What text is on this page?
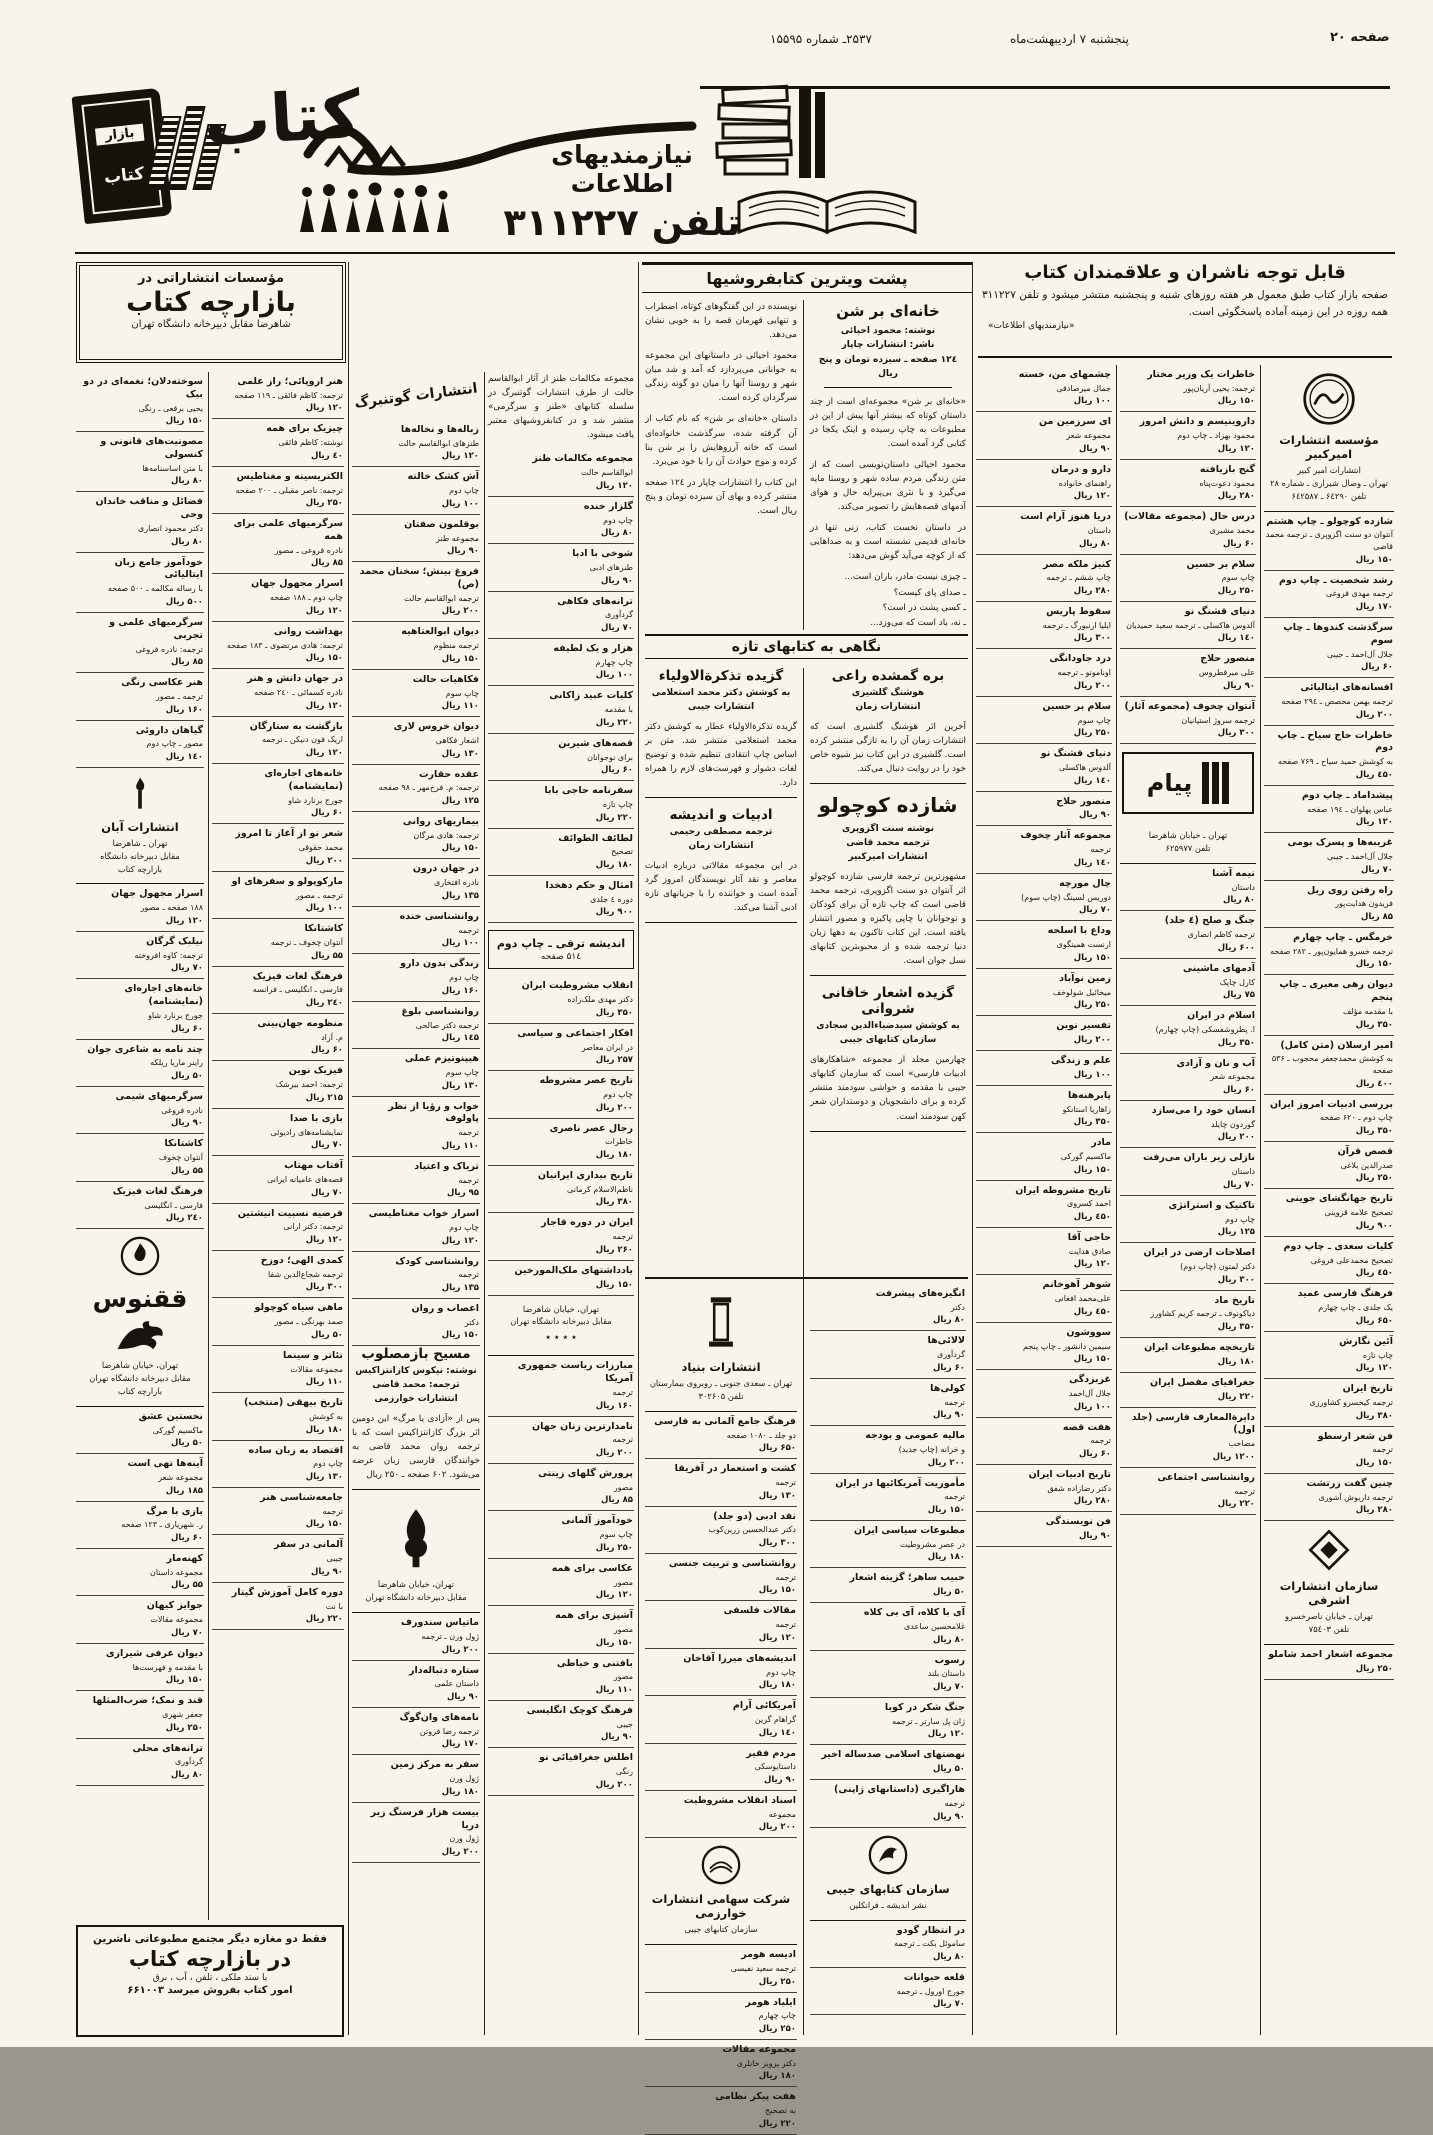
صفحه ۲۰
پنجشنبه ۷ اردیبهشت‌ماه
۲۵۳۷ـ شماره ۱۵۵۹۵
بازار
کتاب
کتاب	نیازمندیهای اطلاعات
تلفن ۳۱۱۲۲۷
قابل توجه ناشران و علاقمندان کتاب
صفحه بازار کتاب طبق معمول هر هفته روزهای شنبه و پنجشنبه منتشر میشود و تلفن ۳۱۱۲۲۷ همه روزه در این زمینه آماده پاسخگوئی است.
«نیازمندیهای اطلاعات»
پشت ویترین کتابفروشیها
مؤسسات انتشاراتی در
بازارچه کتاب
شاهرضا مقابل دبیرخانه دانشگاه تهران
خانه‌ای بر شن
نوشته: محمود احیائی
ناشر: انتشارات چاپار
۱۲٤ صفحه ـ سیزده تومان و پنج ریال
«خانه‌ای بر شن» مجموعه‌ای است از چند داستان کوتاه که بیشتر آنها پیش از این در مطبوعات به چاپ رسیده و اینک یکجا در کتابی گرد آمده است.
محمود احیائی داستان‌نویسی است که از متن زندگی مردم ساده شهر و روستا مایه می‌گیرد و با نثری بی‌پیرایه حال و هوای آدمهای قصه‌هایش را تصویر می‌کند.
در داستان نخست کتاب، زنی تنها در خانه‌ای قدیمی نشسته است و به صداهایی که از کوچه می‌آید گوش می‌دهد:
ـ چیزی نیست مادر، باران است...
ـ صدای پای کیست؟
ـ کسی پشت در است؟
ـ نه، باد است که می‌وزد...
نویسنده در این گفتگوهای کوتاه، اضطراب و تنهایی قهرمان قصه را به خوبی نشان می‌دهد.
محمود احیائی در داستانهای این مجموعه به جوانانی می‌پردازد که آمد و شد میان شهر و روستا آنها را میان دو گونه زندگی سرگردان کرده است.
داستان «خانه‌ای بر شن» که نام کتاب از آن گرفته شده، سرگذشت خانواده‌ای است که خانه آرزوهایش را بر شن بنا کرده و موج حوادث آن را با خود می‌برد.
این کتاب را انتشارات چاپار در ۱۲٤ صفحه منتشر کرده و بهای آن سیزده تومان و پنج ریال است.
نگاهی به کتابهای تازه
بره گمشده راعی
هوشنگ گلشیری
انتشارات زمان
آخرین اثر هوشنگ گلشیری است که انتشارات زمان آن را به تازگی منتشر کرده است. گلشیری در این کتاب نیز شیوه خاص خود را در روایت دنبال می‌کند.
شازده کوچولو
نوشته سنت اگزوپری
ترجمه محمد قاضی
انتشارات امیرکبیر
مشهورترین ترجمه فارسی شازده کوچولو اثر آنتوان دو سنت اگزوپری، ترجمه محمد قاضی است که چاپ تازه آن برای کودکان و نوجوانان با چاپی پاکیزه و مصور انتشار یافته است. این کتاب تاکنون به دهها زبان دنیا ترجمه شده و از محبوبترین کتابهای نسل جوان است.
گزیده اشعار خاقانی شروانی
به کوشش سیدضیاءالدین سجادی
سازمان کتابهای جیبی
چهارمین مجلد از مجموعه «شاهکارهای ادبیات فارسی» است که سازمان کتابهای جیبی با مقدمه و حواشی سودمند منتشر کرده و برای دانشجویان و دوستداران شعر کهن سودمند است.
گزیده تذکرةالاولیاء
به کوشش دکتر محمد استعلامی
انتشارات جیبی
گزیده تذکرةالاولیاء عطار به کوشش دکتر محمد استعلامی منتشر شد. متن بر اساس چاپ انتقادی تنظیم شده و توضیح لغات دشوار و فهرست‌های لازم را همراه دارد.
ادبیات و اندیشه
ترجمه مصطفی رحیمی
انتشارات زمان
در این مجموعه مقالاتی درباره ادبیات معاصر و نقد آثار نویسندگان امروز گرد آمده است و خواننده را با جریانهای تازه ادبی آشنا می‌کند.
انتشارات بنیاد
تهران ـ سعدی جنوبی ـ روبروی بیمارستان
تلفن ۳۰۲۶۰۵
فرهنگ جامع آلمانی به فارسی
دو جلد ـ ۱۰۸۰ صفحه
۶۵۰ ریال
کشت و استعمار در آفریقا
ترجمه
۱۳۰ ریال
نقد ادبی (دو جلد)
دکتر عبدالحسین زرین‌کوب
۳۰۰ ریال
روانشناسی و تربیت جنسی
ترجمه
۱۵۰ ریال
مقالات فلسفی
ترجمه
۱۲۰ ریال
اندیشه‌های میرزا آقاخان
چاپ دوم
۱۸۰ ریال
آمریکائی آرام
گراهام گرین
۱٤۰ ریال
مردم فقیر
داستایوسکی
۹۰ ریال
اسناد انقلاب مشروطیت
مجموعه
۲۰۰ ریال
شرکت سهامی انتشارات خوارزمی
سازمان کتابهای جیبی
ادیسه هومر
ترجمه سعید نفیسی
۲۵۰ ریال
ایلیاد هومر
چاپ چهارم
۲۵۰ ریال
مجموعه مقالات
دکتر پرویز خانلری
۱۸۰ ریال
هفت پیکر نظامی
به تصحیح
۲۲۰ ریال
انگیزه‌های پیشرفت
دکتر
۸۰ ریال
لالائی‌ها
گردآوری
۶۰ ریال
کولی‌ها
ترجمه
۹۰ ریال
مالیه عمومی و بودجه
و خزانه (چاپ جدید)
۲۰۰ ریال
مأموریت آمریکائیها در ایران
ترجمه
۱۵۰ ریال
مطبوعات سیاسی ایران
در عصر مشروطیت
۱۸۰ ریال
حبیب ساهر؛ گزینه اشعار
۵۰ ریال
آی با کلاه، آی بی کلاه
غلامحسین ساعدی
۸۰ ریال
رسوب
داستان بلند
۷۰ ریال
جنگ شکر در کوبا
ژان پل سارتر ـ ترجمه
۱۲۰ ریال
نهضتهای اسلامی صدساله اخیر
۵۰ ریال
هاراگیری (داستانهای ژاپنی)
ترجمه
۹۰ ریال
سازمان کتابهای جیبی
نشر اندیشه ـ فرانکلین
در انتظار گودو
ساموئل بکت ـ ترجمه
۸۰ ریال
قلعه حیوانات
جورج اورول ـ ترجمه
۷۰ ریال
سوخته‌دلان؛ نغمه‌ای در دو بیک
یحیی برقعی ـ رنگی
۱۵۰ ریال
مصونیت‌های قانونی و کنسولی
با متن اساسنامه‌ها
۸۰ ریال
فضائل و مناقب خاندان وحی
دکتر محمود انصاری
۸۰ ریال
خودآموز جامع زبان ایتالیائی
با رساله مکالمه ـ ۵۰۰ صفحه
۵۰۰ ریال
سرگرمیهای علمی و تجربی
ترجمه: نادره فروغی
۸۵ ریال
هنر عکاسی رنگی
ترجمه ـ مصور
۱۶۰ ریال
گیاهان داروئی
مصور ـ چاپ دوم
۱٤۰ ریال
انتشارات آبان
تهران ـ شاهرضا
مقابل دبیرخانه دانشگاه
بازارچه کتاب
اسرار مجهول جهان
۱۸۸ صفحه ـ مصور
۱۲۰ ریال
نیلبک گرگان
ترجمه: کاوه افروخته
۷۰ ریال
خانه‌های اجاره‌ای (نمایشنامه)
جورج برنارد شاو
۶۰ ریال
چند نامه به شاعری جوان
راینر ماریا ریلکه
۵۰ ریال
سرگرمیهای شیمی
نادره فروغی
۹۰ ریال
کاشتانکا
آنتوان چخوف
۵۵ ریال
فرهنگ لغات فیزیک
فارسی ـ انگلیسی
۲٤۰ ریال
ققنوس
تهران، خیابان شاهرضا
مقابل دبیرخانه دانشگاه تهران
بازارچه کتاب
نخستین عشق
ماکسیم گورکی
۵۰ ریال
آینه‌ها تهی است
مجموعه شعر
۱۸۵ ریال
بازی با مرگ
ر. شهریاری ـ ۱۲۳ صفحه
۶۰ ریال
کهنه‌مار
مجموعه داستان
۵۵ ریال
جوایز کیهان
مجموعه مقالات
۷۰ ریال
دیوان عرفی شیرازی
با مقدمه و فهرست‌ها
۱۵۰ ریال
قند و نمک؛ ضرب‌المثلها
جعفر شهری
۲۵۰ ریال
ترانه‌های محلی
گردآوری
۸۰ ریال
فقط دو مغازه دیگر مجتمع مطبوعاتی ناشرین
در بازارچه کتاب
با سند ملکی ، تلفن ، آب ، برق
امور کتاب بفروش میرسد ۶۶۱۰۰۳
هنر اروپائی؛ راز علمی
ترجمه: کاظم فائقی ـ ۱۱۹ صفحه
۱۲۰ ریال
چیزیک برای همه
نوشته: کاظم فائقی
٤۰ ریال
الکتریسیته و مغناطیس
ترجمه: ناصر مقبلی ـ ۲۰۰ صفحه
۲۵۰ ریال
سرگرمیهای علمی برای همه
نادره فروغی ـ مصور
۸۵ ریال
اسرار مجهول جهان
چاپ دوم ـ ۱۸۸ صفحه
۱۲۰ ریال
بهداشت روانی
ترجمه: هادی مرتضوی ـ ۱۸۳ صفحه
۱۵۰ ریال
در جهان دانش و هنر
نادره کسمائی ـ ۲٤۰ صفحه
۱۲۰ ریال
بازگشت به ستارگان
اریک فون دنیکن ـ ترجمه
۱۲۰ ریال
خانه‌های اجاره‌ای (نمایشنامه)
جورج برنارد شاو
۶۰ ریال
شعر نو از آغاز تا امروز
محمد حقوقی
۲۰۰ ریال
مارکوپولو و سفرهای او
ترجمه ـ مصور
۱۰۰ ریال
کاشتانکا
آنتوان چخوف ـ ترجمه
۵۵ ریال
فرهنگ لغات فیزیک
فارسی ـ انگلیسی ـ فرانسه
۲٤۰ ریال
منظومه جهان‌بینی
م. آزاد
۶۰ ریال
فیزیک نوین
ترجمه: احمد بیرشک
۲۱۵ ریال
بازی با صدا
نمایشنامه‌های رادیوئی
۷۰ ریال
آفتاب مهتاب
قصه‌های عامیانه ایرانی
۷۰ ریال
فرضیه نسبیت انیشتین
ترجمه: دکتر ارانی
۱۲۰ ریال
کمدی الهی؛ دوزخ
ترجمه شجاع‌الدین شفا
۳۰۰ ریال
ماهی سیاه کوچولو
صمد بهرنگی ـ مصور
۵۰ ریال
تئاتر و سینما
مجموعه مقالات
۱۱۰ ریال
تاریخ بیهقی (منتخب)
به کوشش
۱۸۰ ریال
اقتصاد به زبان ساده
چاپ دوم
۱۳۰ ریال
جامعه‌شناسی هنر
ترجمه
۱۵۰ ریال
آلمانی در سفر
جیبی
۹۰ ریال
دوره کامل آموزش گیتار
با نت
۲۲۰ ریال
انتشارات گوتنبرگ
زباله‌ها و نخاله‌ها
طنزهای ابوالقاسم حالت
۱۲۰ ریال
آش کشک خالته
چاپ دوم
۱۰۰ ریال
بوقلمون صفتان
مجموعه طنز
۹۰ ریال
فروغ بینش؛ سخنان محمد (ص)
ترجمه ابوالقاسم حالت
۲۰۰ ریال
دیوان ابوالعتاهیه
ترجمه منظوم
۱۵۰ ریال
فکاهیات حالت
چاپ سوم
۱۱۰ ریال
دیوان خروس لاری
اشعار فکاهی
۱۳۰ ریال
عقده حقارت
ترجمه: م. فرخ‌مهر ـ ۹۸ صفحه
۱۲۵ ریال
بیماریهای روانی
ترجمه: هادی مرگان
۱۵۰ ریال
در جهان درون
نادره افتخاری
۱۳۵ ریال
روانشناسی خنده
ترجمه
۱۰۰ ریال
زندگی بدون دارو
چاپ دوم
۱۶۰ ریال
روانشناسی بلوغ
ترجمه دکتر صالحی
۱٤۵ ریال
هیپنوتیزم عملی
چاپ سوم
۱۳۰ ریال
خواب و رؤیا از نظر پاولوف
ترجمه
۱۱۰ ریال
تریاک و اعتیاد
ترجمه
۹۵ ریال
اسرار خواب مغناطیسی
چاپ دوم
۱۲۰ ریال
روانشناسی کودک
ترجمه
۱۳۵ ریال
اعصاب و روان
دکتر
۱۵۰ ریال
مسیح بازمصلوب
نوشته: نیکوس کازانتزاکیس
ترجمه: محمد قاضی
انتشارات خوارزمی
پس از «آزادی یا مرگ» این دومین اثر بزرگ کازانتزاکیس است که با ترجمه روان محمد قاضی به خوانندگان فارسی زبان عرضه می‌شود. ۶۰۲ صفحه ـ ۲۵۰ ریال
تهران، خیابان شاهرضا
مقابل دبیرخانه دانشگاه تهران
ماتیاس سندورف
ژول ورن ـ ترجمه
۲۰۰ ریال
ستاره دنباله‌دار
داستان علمی
۹۰ ریال
نامه‌های وان‌گوگ
ترجمه رضا فروتن
۱۷۰ ریال
سفر به مرکز زمین
ژول ورن
۱۸۰ ریال
بیست هزار فرسنگ زیر دریا
ژول ورن
۲۰۰ ریال
مجموعه مکالمات طنز از آثار ابوالقاسم حالت از طرف انتشارات گوتنبرگ در سلسله کتابهای «طنز و سرگرمی» منتشر شد و در کتابفروشیهای معتبر یافت میشود.
مجموعه مکالمات طنز
ابوالقاسم حالت
۱۲۰ ریال
گلزار خنده
چاپ دوم
۸۰ ریال
شوخی با ادبا
طنزهای ادبی
۹۰ ریال
ترانه‌های فکاهی
گردآوری
۷۰ ریال
هزار و یک لطیفه
چاپ چهارم
۱۰۰ ریال
کلیات عبید زاکانی
با مقدمه
۲۲۰ ریال
قصه‌های شیرین
برای نوجوانان
۶۰ ریال
سفرنامه حاجی بابا
چاپ تازه
۲۲۰ ریال
لطائف الطوائف
تصحیح
۱۸۰ ریال
امثال و حکم دهخدا
دوره ٤ جلدی
۹۰۰ ریال
اندیشه ترقی ـ چاپ دوم
۵۱٤ صفحه
انقلاب مشروطیت ایران
دکتر مهدی ملک‌زاده
۳۵۰ ریال
افکار اجتماعی و سیاسی
در ایران معاصر
۲۵۷ ریال
تاریخ عصر مشروطه
چاپ دوم
۲۰۰ ریال
رجال عصر ناصری
خاطرات
۱۸۰ ریال
تاریخ بیداری ایرانیان
ناظم‌الاسلام کرمانی
۳۸۰ ریال
ایران در دوره قاجار
ترجمه
۲۶۰ ریال
یادداشتهای ملک‌المورخین
۱۵۰ ریال
تهران، خیابان شاهرضا
مقابل دبیرخانه دانشگاه تهران
٭ ٭ ٭ ٭
مبارزات ریاست جمهوری آمریکا
ترجمه
۱۶۰ ریال
نامدارترین زنان جهان
ترجمه
۲۰۰ ریال
پرورش گلهای زینتی
مصور
۸۵ ریال
خودآموز آلمانی
چاپ سوم
۲۵۰ ریال
عکاسی برای همه
مصور
۱۲۰ ریال
آشپزی برای همه
مصور
۱۵۰ ریال
بافتنی و خیاطی
مصور
۱۱۰ ریال
فرهنگ کوچک انگلیسی
جیبی
۹۰ ریال
اطلس جغرافیائی نو
رنگی
۲۰۰ ریال
چشمهای من، خسته
جمال میرصادقی
۱۰۰ ریال
ای سرزمین من
مجموعه شعر
۹۰ ریال
دارو و درمان
راهنمای خانواده
۱۲۰ ریال
دریا هنوز آرام است
داستان
۸۰ ریال
کنیز ملکه مصر
چاپ ششم ـ ترجمه
۲۸۰ ریال
سقوط پاریس
ایلیا ارنبورگ ـ ترجمه
۳۰۰ ریال
درد جاودانگی
اونامونو ـ ترجمه
۲۰۰ ریال
سلام بر حسین
چاپ سوم
۲۵۰ ریال
دنیای قشنگ نو
آلدوس هاکسلی
۱٤۰ ریال
منصور حلاج
۹۰ ریال
مجموعه آثار چخوف
ترجمه
۱٤۰ ریال
چال مورچه
دوریس لسینگ (چاپ سوم)
۷۰ ریال
وداع با اسلحه
ارنست همینگوی
۱۵۰ ریال
زمین نوآباد
میخائیل شولوخف
۲۵۰ ریال
تفسیر نوین
۲۰۰ ریال
علم و زندگی
۱۰۰ ریال
پابرهنه‌ها
زاهاریا استانکو
۳۵۰ ریال
مادر
ماکسیم گورکی
۱۵۰ ریال
تاریخ مشروطه ایران
احمد کسروی
٤۵۰ ریال
حاجی آقا
صادق هدایت
۱۲۰ ریال
شوهر آهوخانم
علی‌محمد افغانی
٤۵۰ ریال
سووشون
سیمین دانشور ـ چاپ پنجم
۱۵۰ ریال
غربزدگی
جلال آل‌احمد
۱۰۰ ریال
هفت قصه
ترجمه
۶۰ ریال
تاریخ ادبیات ایران
دکتر رضازاده شفق
۲۸۰ ریال
فن نویسندگی
۹۰ ریال
خاطرات یک وزیر مختار
ترجمه: یحیی آریان‌پور
۱۵۰ ریال
داروینیسم و دانش امروز
محمود بهزاد ـ چاپ دوم
۱۲۰ ریال
گنج بازیافته
محمود دعوت‌پناه
۲۸۰ ریال
درس حال (مجموعه مقالات)
محمد مشیری
۶۰ ریال
سلام بر حسین
چاپ سوم
۲۵۰ ریال
دنیای قشنگ نو
آلدوس هاکسلی ـ ترجمه سعید حمیدیان
۱٤۰ ریال
منصور حلاج
علی میرفطروس
۹۰ ریال
آنتوان چخوف (مجموعه آثار)
ترجمه سروژ استپانیان
۳۰۰ ریال
پیام
تهران ـ خیابان شاهرضا
تلفن ۶۲۵۹۷۷
نیمه آشنا
داستان
۸۰ ریال
جنگ و صلح (٤ جلد)
ترجمه کاظم انصاری
۶۰۰ ریال
آدمهای ماشینی
کارل چاپک
۷۵ ریال
اسلام در ایران
ا. پطروشفسکی (چاپ چهارم)
۳۵۰ ریال
آب و نان و آزادی
مجموعه شعر
۶۰ ریال
انسان خود را می‌سازد
گوردون چایلد
۲۰۰ ریال
نازلی زیر باران می‌رفت
داستان
۷۰ ریال
تاکتیک و استراتژی
چاپ دوم
۱۲۵ ریال
اصلاحات ارضی در ایران
دکتر لمتون (چاپ دوم)
۳۰۰ ریال
تاریخ ماد
دیاکونوف ـ ترجمه کریم کشاورز
۳۵۰ ریال
تاریخچه مطبوعات ایران
۱۸۰ ریال
جغرافیای مفصل ایران
۲۲۰ ریال
دایرةالمعارف فارسی (جلد اول)
مصاحب
۱۲۰۰ ریال
روانشناسی اجتماعی
ترجمه
۲۲۰ ریال
مؤسسه انتشارات امیرکبیر
انتشارات امیر کبیر
تهران ـ وصال شیرازی ـ شماره ۲۸
تلفن ۶٤۲۹۰ ـ ۶٤۲۵۸۷
شازده کوچولو ـ چاپ هشتم
آنتوان دو سنت اگزوپری ـ ترجمه محمد قاضی
۱۵۰ ریال
رشد شخصیت ـ چاپ دوم
ترجمه مهدی فروغی
۱۷۰ ریال
سرگذشت کندوها ـ چاپ سوم
جلال آل‌احمد ـ جیبی
۶۰ ریال
افسانه‌های ایتالیائی
ترجمه بهمن محصص ـ ۲۹٤ صفحه
۲۰۰ ریال
خاطرات حاج سیاح ـ چاپ دوم
به کوشش حمید سیاح ـ ۷۶۹ صفحه
٤۵۰ ریال
پیشداماد ـ چاپ دوم
عباس پهلوان ـ ۱۹٤ صفحه
۱۲۰ ریال
غریبه‌ها و پسرک بومی
جلال آل‌احمد ـ جیبی
۷۰ ریال
راه رفتن روی ریل
فریدون هدایت‌پور
۸۵ ریال
خرمگس ـ چاپ چهارم
ترجمه خسرو همایون‌پور ـ ۲۸۲ صفحه
۱۵۰ ریال
دیوان رهی معیری ـ چاپ پنجم
با مقدمه مؤلف
۳۵۰ ریال
امیر ارسلان (متن کامل)
به کوشش محمدجعفر محجوب ـ ۵۳۶ صفحه
٤۰۰ ریال
بررسی ادبیات امروز ایران
چاپ دوم ـ ۶۲۰ صفحه
۳۵۰ ریال
قصص قرآن
صدرالدین بلاغی
۲۵۰ ریال
تاریخ جهانگشای جوینی
تصحیح علامه قزوینی
۹۰۰ ریال
کلیات سعدی ـ چاپ دوم
تصحیح محمدعلی فروغی
٤۵۰ ریال
فرهنگ فارسی عمید
یک جلدی ـ چاپ چهارم
۶۵۰ ریال
آئین نگارش
چاپ تازه
۱۲۰ ریال
تاریخ ایران
ترجمه کیخسرو کشاورزی
۳۸۰ ریال
فن شعر ارسطو
ترجمه
۱۵۰ ریال
چنین گفت زرتشت
ترجمه داریوش آشوری
۲۸۰ ریال
سازمان انتشارات اشرفی
تهران ـ خیابان ناصرخسرو
تلفن ۷۵٤۰۳
مجموعه اشعار احمد شاملو
۲۵۰ ریال
